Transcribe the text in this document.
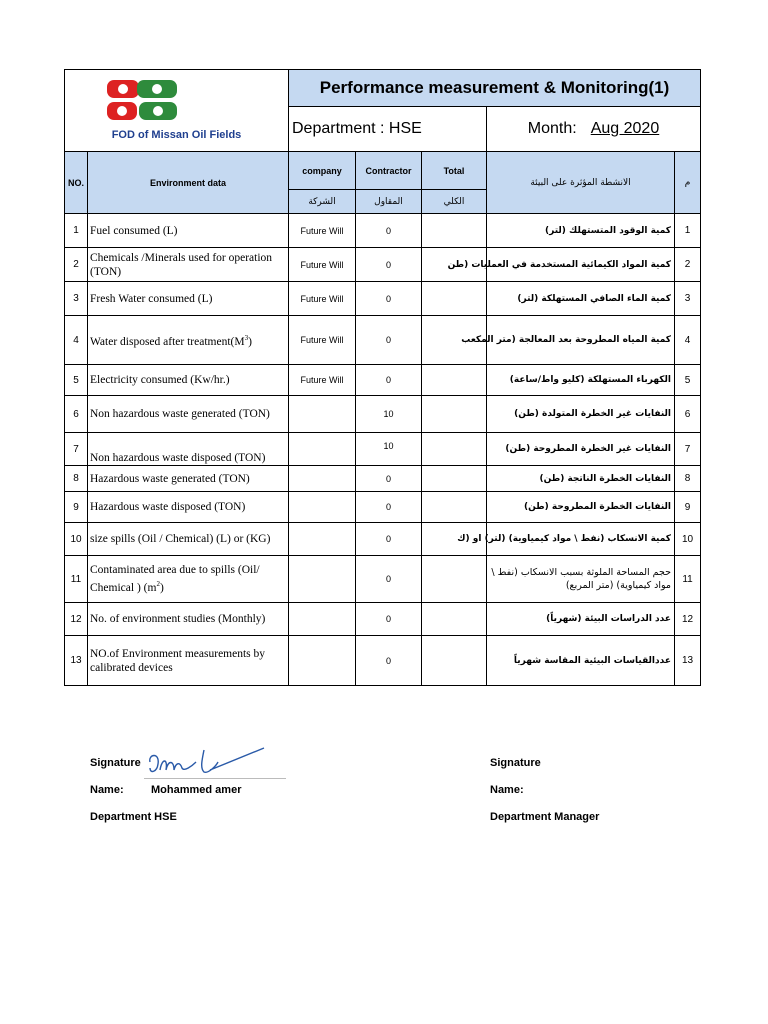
FOD of Missan Oil Fields		Performance measurement & Monitoring(1)				
		Department : HSE			Month: Aug 2020	
NO.	Environment data	company	Contractor	Total	الانشطة المؤثرة على البيئة	م
		الشركة	المقاول	الكلي		
1	Fuel consumed (L)	Future Will	0		كمية الوقود المتستهلك (لتر)	1
2	Chemicals /Minerals used for operation (TON)	Future Will	0		كمية المواد الكيمائية المستخدمة في العمليات (طن	2
3	Fresh Water consumed (L)	Future Will	0		كمية الماء الصافي المستهلكة (لتر)	3
4	Water disposed after $treatment(M^3)$	Future Will	0		كمية المياه المطروحة بعد المعالجة (متر المكعب	4
5	Electricity consumed (Kw/hr.)	Future Will	0		الكهرباء المستهلكة (كليو واط/ساعة)	5
6	Non hazardous waste generated (TON)		10		النفايات غير الخطرة المتولدة (طن)	6
7	Non hazardous waste disposed (TON)		10		النفايات غير الخطرة المطروحة (طن)	7
8	Hazardous waste generated (TON)		0		النفايات الخطرة الناتجة (طن)	8
9	Hazardous waste disposed (TON)		0		النفايات الخطرة المطروحة (طن)	9
10	size spills (Oil / Chemical) (L) or (KG)		0		كمية الانسكاب (نفط \ مواد كيمياوية) (لتر) او (ك	10
11	Contaminated area due to spills (Oil/ Chemical ) $(m^2)$		0		حجم المساحة الملوثة بسبب الانسكاب (نفط \ مواد كيمياوية) (متر المربع)	11
12	No. of environment studies (Monthly)		0		عدد الدراسات البيئة (شهرياً)	12
13	NO.of Environment measurements by calibrated devices		0		عددالقياسات البيئية المقاسة شهرياً	13
Signature
Name: Mohammed amer
Department HSE
Signature
Name:
Department Manager
